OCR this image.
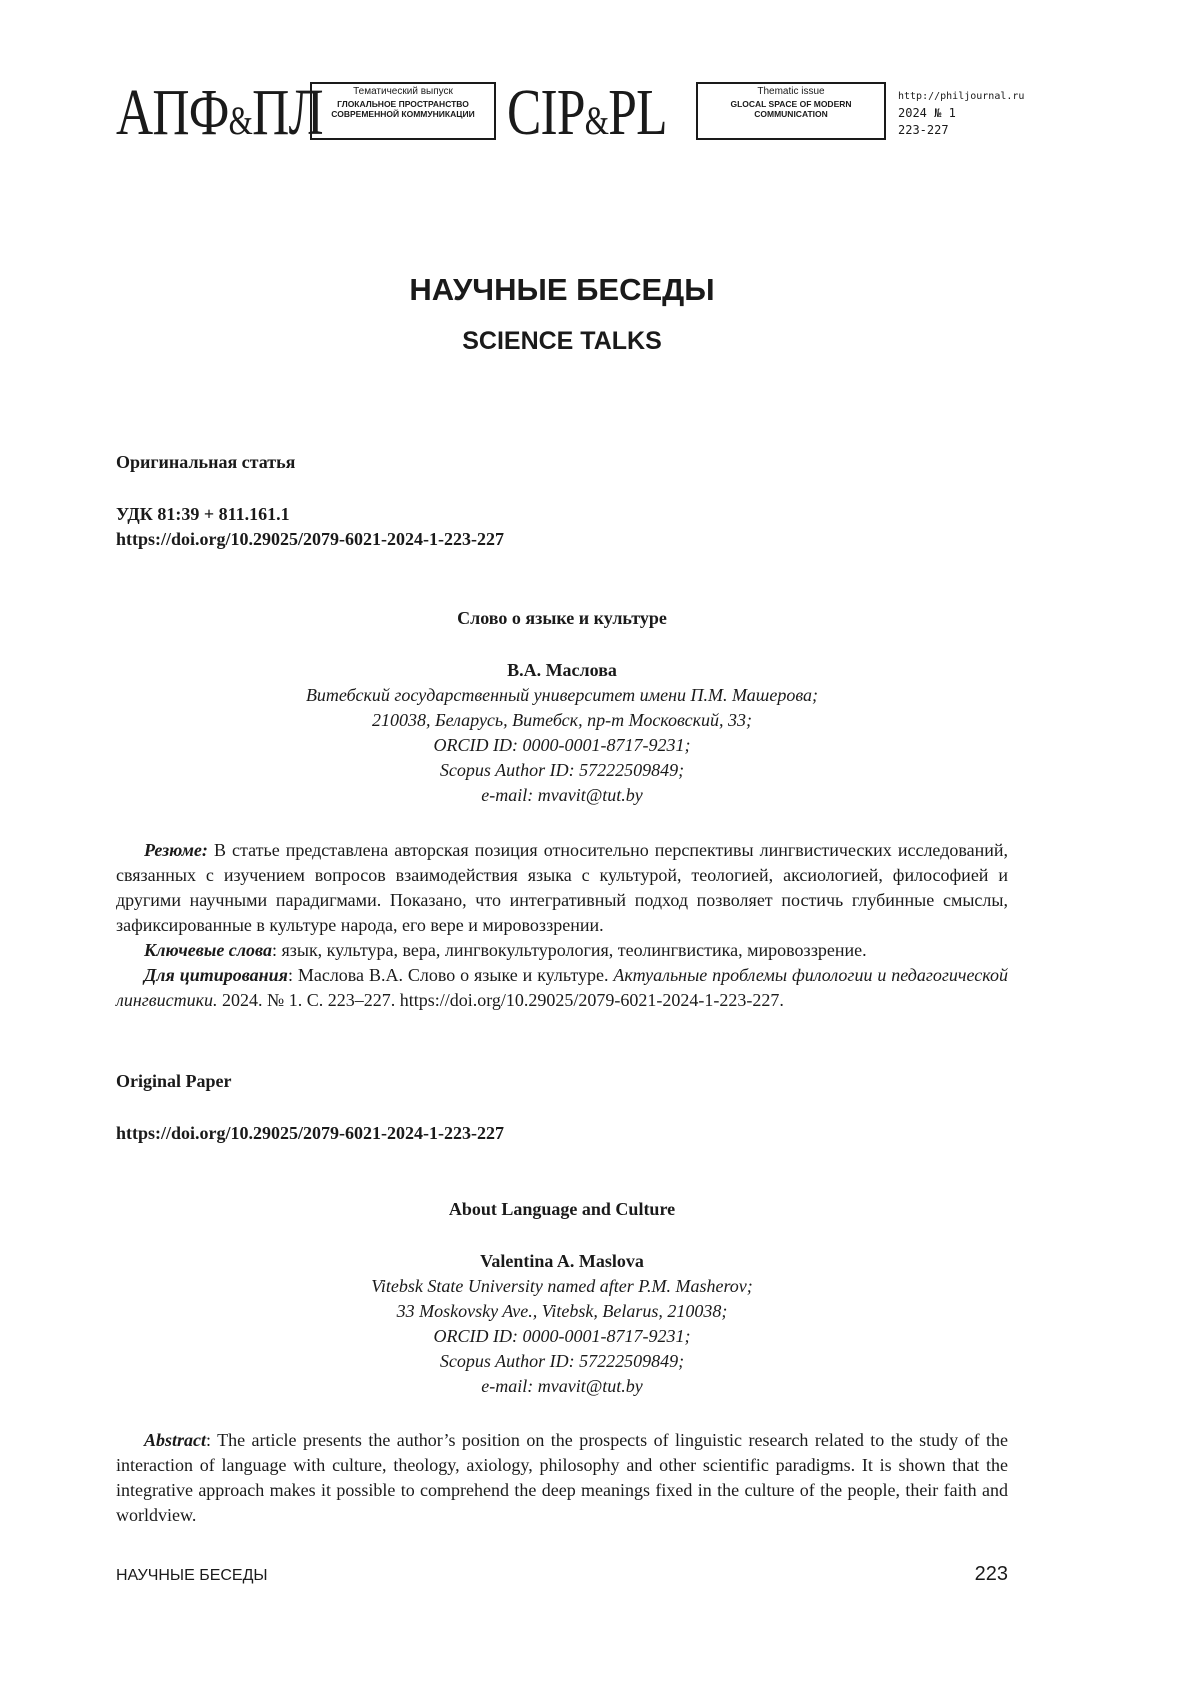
АПФ&ПЛ	Тематический выпуск
ГЛОКАЛЬНОЕ ПРОСТРАНСТВО СОВРЕМЕННОЙ КОММУНИКАЦИИ CIP&PL	Thematic issue
GLOCAL SPACE OF MODERN COMMUNICATION
http://philjournal.ru
2024 № 1
223-227
НАУЧНЫЕ БЕСЕДЫ
SCIENCE TALKS
Оригинальная статья
УДК 81:39 + 811.161.1
https://doi.org/10.29025/2079-6021-2024-1-223-227
Слово о языке и культуре
В.А. Маслова
Витебский государственный университет имени П.М. Машерова;
210038, Беларусь, Витебск, пр-т Московский, 33;
ORCID ID: 0000-0001-8717-9231;
Scopus Author ID: 57222509849;
e-mail: mvavit@tut.by

Резюме: В статье представлена авторская позиция относительно перспективы лингвистических исследований, связанных с изучением вопросов взаимодействия языка с культурой, теологией, аксиологией, философией и другими научными парадигмами. Показано, что интегративный подход позволяет постичь глубинные смыслы, зафиксированные в культуре народа, его вере и мировоззрении.

Ключевые слова: язык, культура, вера, лингвокультурология, теолингвистика, мировоззрение.

Для цитирования: Маслова В.А. Слово о языке и культуре. Актуальные проблемы филологии и педагогической лингвистики. 2024. № 1. С. 223–227. https://doi.org/10.29025/2079-6021-2024-1-223-227.

Original Paper
https://doi.org/10.29025/2079-6021-2024-1-223-227
About Language and Culture
Valentina A. Maslova
Vitebsk State University named after P.M. Masherov;
33 Moskovsky Ave., Vitebsk, Belarus, 210038;
ORCID ID: 0000-0001-8717-9231;
Scopus Author ID: 57222509849;
e-mail: mvavit@tut.by

Abstract: The article presents the author’s position on the prospects of linguistic research related to the study of the interaction of language with culture, theology, axiology, philosophy and other scientific paradigms. It is shown that the integrative approach makes it possible to comprehend the deep meanings fixed in the culture of the people, their faith and worldview.

НАУЧНЫЕ БЕСЕДЫ	223
